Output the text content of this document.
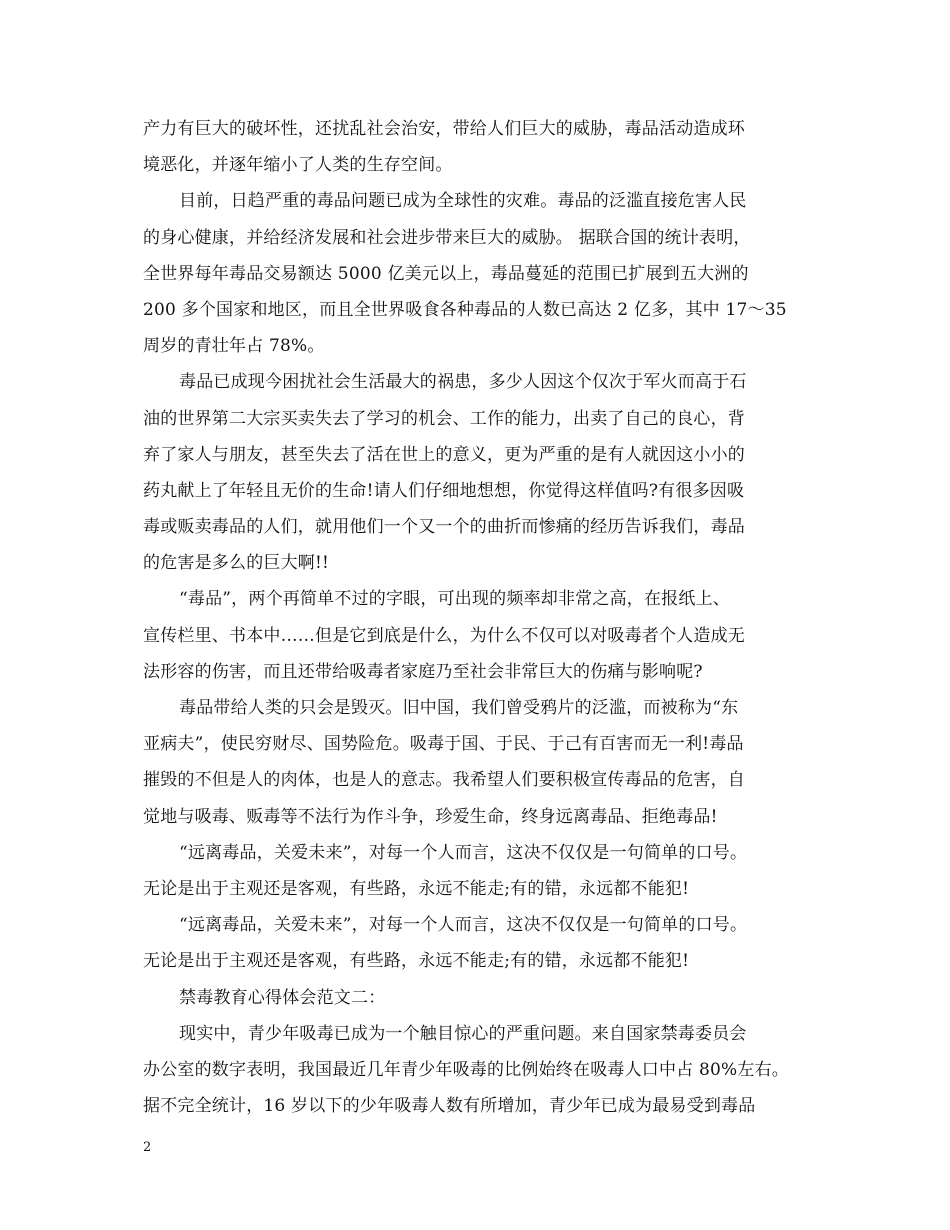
产力有巨大的破坏性，还扰乱社会治安，带给人们巨大的威胁，毒品活动造成环
境恶化，并逐年缩小了人类的生存空间。
目前，日趋严重的毒品问题已成为全球性的灾难。毒品的泛滥直接危害人民
的身心健康，并给经济发展和社会进步带来巨大的威胁。 据联合国的统计表明，
全世界每年毒品交易额达 5000 亿美元以上，毒品蔓延的范围已扩展到五大洲的
200 多个国家和地区，而且全世界吸食各种毒品的人数已高达 2 亿多，其中 17～35
周岁的青壮年占 78%。
毒品已成现今困扰社会生活最大的祸患，多少人因这个仅次于军火而高于石
油的世界第二大宗买卖失去了学习的机会、工作的能力，出卖了自己的良心，背
弃了家人与朋友，甚至失去了活在世上的意义，更为严重的是有人就因这小小的
药丸献上了年轻且无价的生命!请人们仔细地想想，你觉得这样值吗?有很多因吸
毒或贩卖毒品的人们，就用他们一个又一个的曲折而惨痛的经历告诉我们，毒品
的危害是多么的巨大啊!!
“毒品”，两个再简单不过的字眼，可出现的频率却非常之高，在报纸上、
宣传栏里、书本中……但是它到底是什么，为什么不仅可以对吸毒者个人造成无
法形容的伤害，而且还带给吸毒者家庭乃至社会非常巨大的伤痛与影响呢?
毒品带给人类的只会是毁灭。旧中国，我们曾受鸦片的泛滥，而被称为“东
亚病夫”，使民穷财尽、国势险危。吸毒于国、于民、于己有百害而无一利!毒品
摧毁的不但是人的肉体，也是人的意志。我希望人们要积极宣传毒品的危害，自
觉地与吸毒、贩毒等不法行为作斗争，珍爱生命，终身远离毒品、拒绝毒品!
“远离毒品，关爱未来”，对每一个人而言，这决不仅仅是一句简单的口号。
无论是出于主观还是客观，有些路，永远不能走;有的错，永远都不能犯!
“远离毒品，关爱未来”，对每一个人而言，这决不仅仅是一句简单的口号。
无论是出于主观还是客观，有些路，永远不能走;有的错，永远都不能犯!
禁毒教育心得体会范文二：
现实中，青少年吸毒已成为一个触目惊心的严重问题。来自国家禁毒委员会
办公室的数字表明，我国最近几年青少年吸毒的比例始终在吸毒人口中占 80%左右。
据不完全统计，16 岁以下的少年吸毒人数有所增加，青少年已成为最易受到毒品
2
